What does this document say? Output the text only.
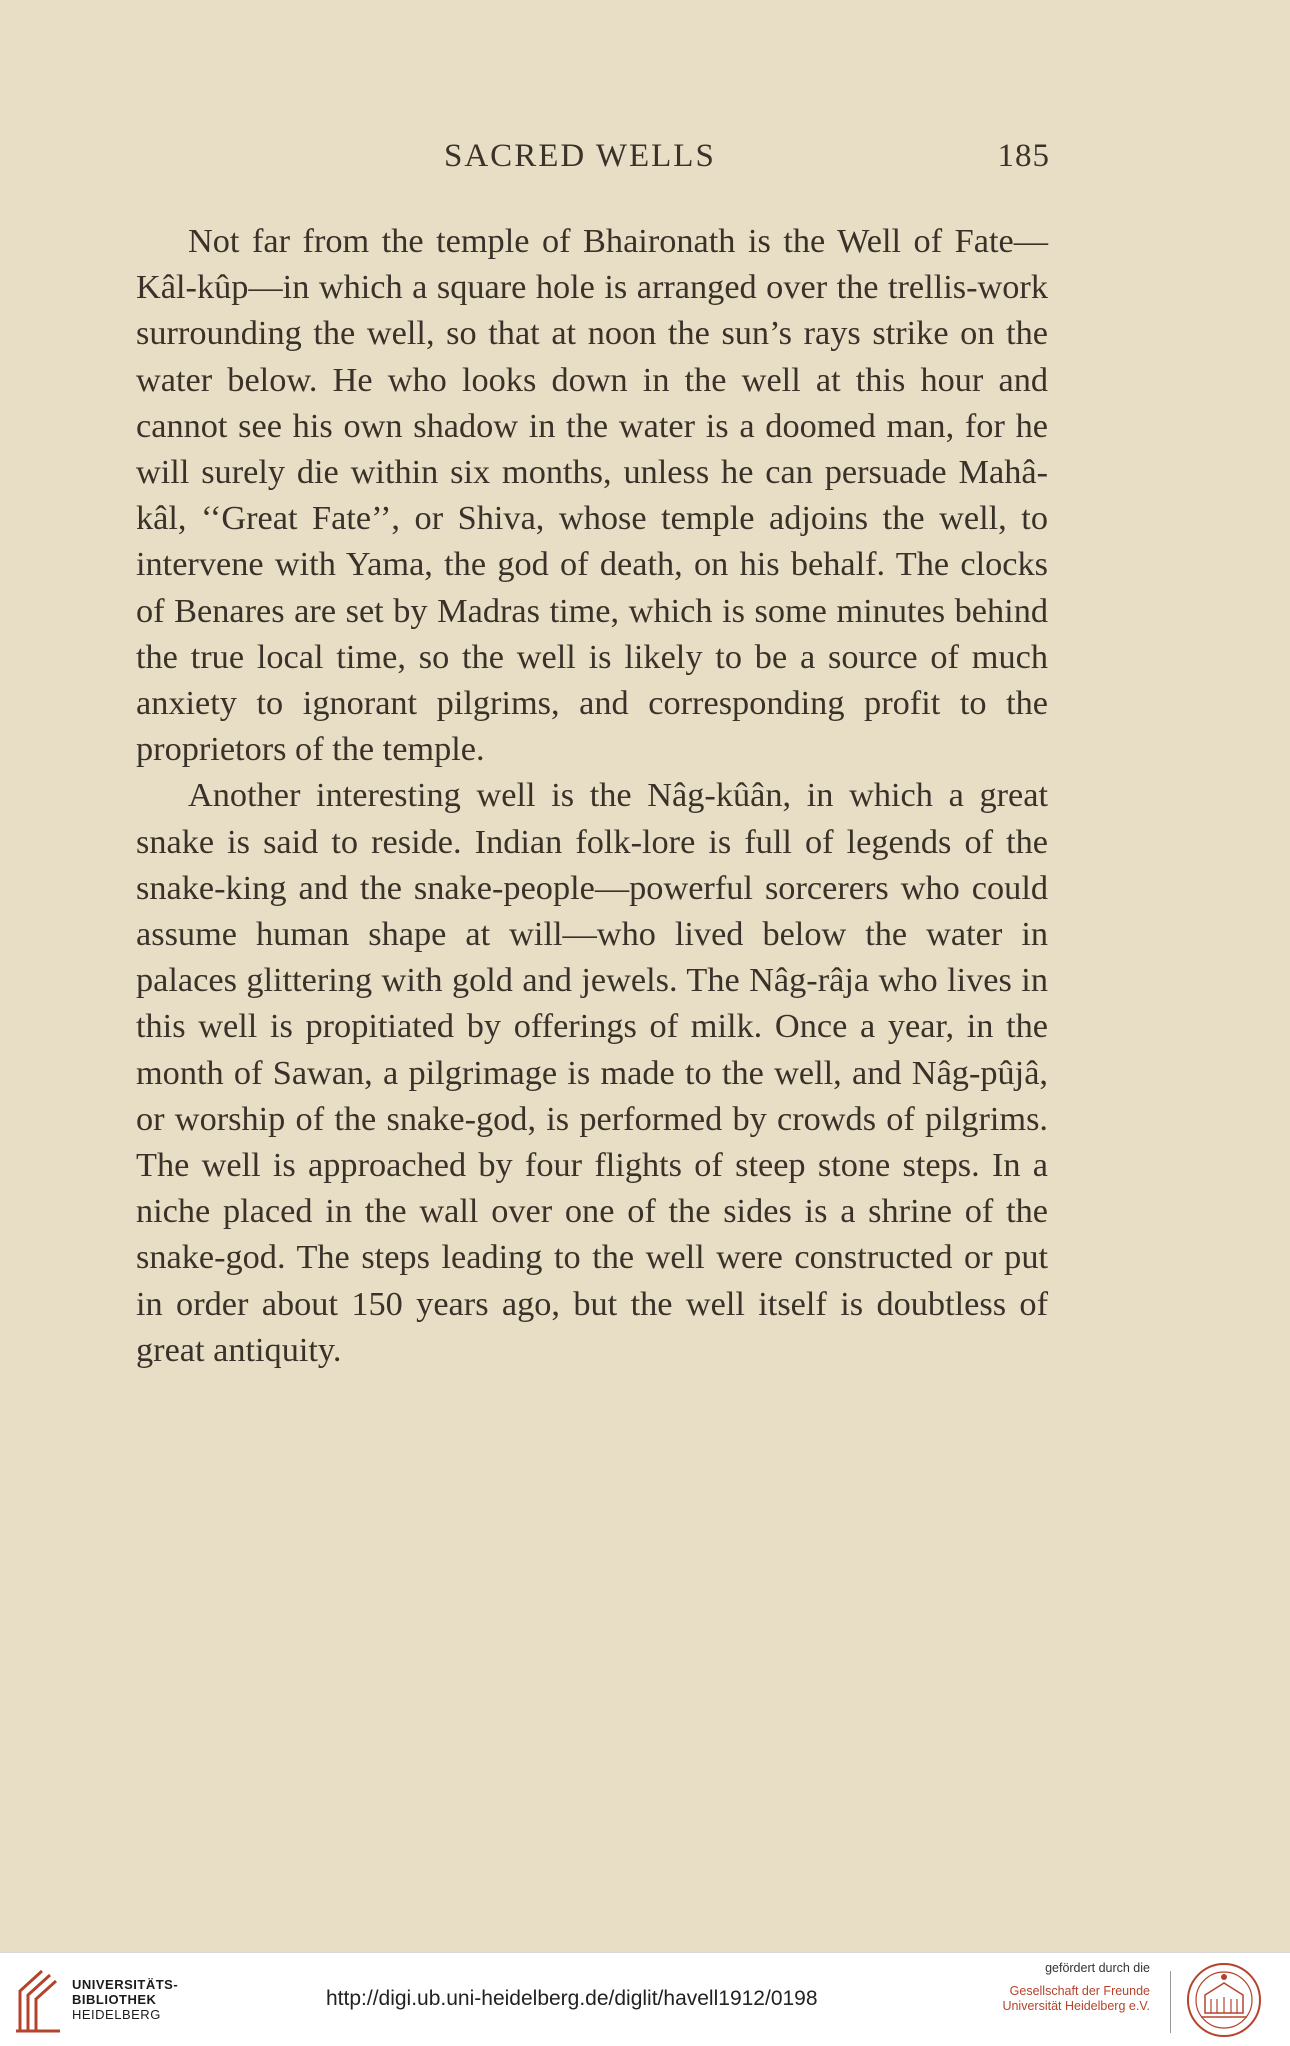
SACRED WELLS	185

Not far from the temple of Bhaironath is the Well of Fate—Kâl-kûp—in which a square hole is arranged over the trellis-work surrounding the well, so that at noon the sun’s rays strike on the water below. He who looks down in the well at this hour and cannot see his own shadow in the water is a doomed man, for he will surely die within six months, unless he can persuade Mahâ-kâl, ‘‘Great Fate’’, or Shiva, whose temple adjoins the well, to intervene with Yama, the god of death, on his behalf. The clocks of Benares are set by Madras time, which is some minutes behind the true local time, so the well is likely to be a source of much anxiety to ignorant pilgrims, and corresponding profit to the proprietors of the temple.

Another interesting well is the Nâg-kûân, in which a great snake is said to reside. Indian folk-lore is full of legends of the snake-king and the snake-people—powerful sorcerers who could assume human shape at will—who lived below the water in palaces glittering with gold and jewels. The Nâg-râja who lives in this well is propitiated by offerings of milk. Once a year, in the month of Sawan, a pilgrimage is made to the well, and Nâg-pûjâ, or worship of the snake-god, is performed by crowds of pilgrims. The well is approached by four flights of steep stone steps. In a niche placed in the wall over one of the sides is a shrine of the snake-god. The steps leading to the well were constructed or put in order about 150 years ago, but the well itself is doubtless of great antiquity.

UNIVERSITÄTS-
BIBLIOTHEK
HEIDELBERG
http://digi.ub.uni-heidelberg.de/diglit/havell1912/0198
gefördert durch die
Gesellschaft der Freunde
Universität Heidelberg e.V.
